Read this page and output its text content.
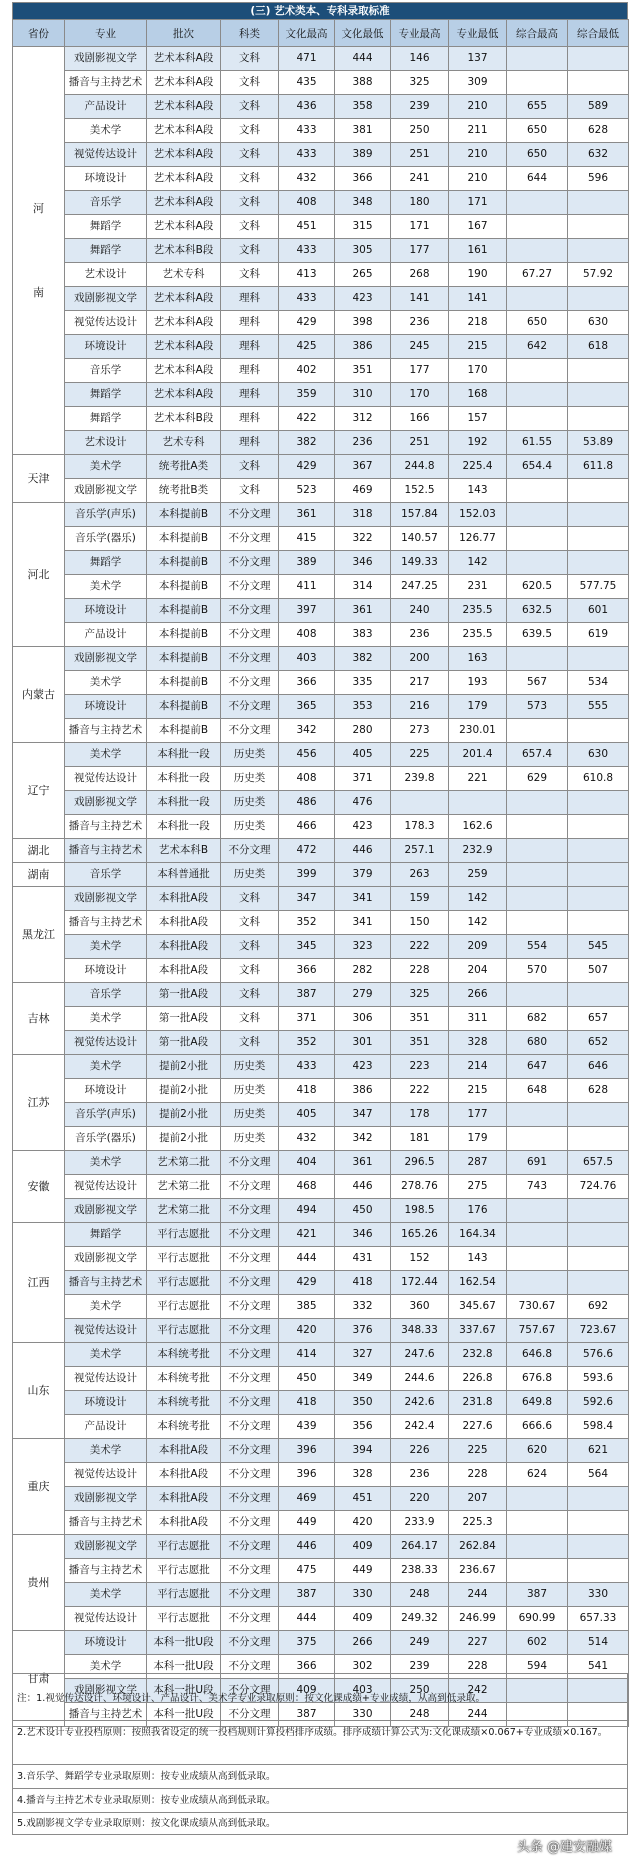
(三) 艺术类本、专科录取标准
省份	专业	批次	科类	文化最高	文化最低	专业最高	专业最低	综合最高	综合最低
河

南	戏剧影视文学	艺术本科A段	文科	471	444	146	137		
	播音与主持艺术	艺术本科A段	文科	435	388	325	309		
	产品设计	艺术本科A段	文科	436	358	239	210	655	589
	美术学	艺术本科A段	文科	433	381	250	211	650	628
	视觉传达设计	艺术本科A段	文科	433	389	251	210	650	632
	环境设计	艺术本科A段	文科	432	366	241	210	644	596
	音乐学	艺术本科A段	文科	408	348	180	171		
	舞蹈学	艺术本科A段	文科	451	315	171	167		
	舞蹈学	艺术本科B段	文科	433	305	177	161		
	艺术设计	艺术专科	文科	413	265	268	190	67.27	57.92
	戏剧影视文学	艺术本科A段	理科	433	423	141	141		
	视觉传达设计	艺术本科A段	理科	429	398	236	218	650	630
	环境设计	艺术本科A段	理科	425	386	245	215	642	618
	音乐学	艺术本科A段	理科	402	351	177	170		
	舞蹈学	艺术本科A段	理科	359	310	170	168		
	舞蹈学	艺术本科B段	理科	422	312	166	157		
	艺术设计	艺术专科	理科	382	236	251	192	61.55	53.89
天津	美术学	统考批A类	文科	429	367	244.8	225.4	654.4	611.8
	戏剧影视文学	统考批B类	文科	523	469	152.5	143		
河北	音乐学(声乐)	本科提前B	不分文理	361	318	157.84	152.03		
	音乐学(器乐)	本科提前B	不分文理	415	322	140.57	126.77		
	舞蹈学	本科提前B	不分文理	389	346	149.33	142		
	美术学	本科提前B	不分文理	411	314	247.25	231	620.5	577.75
	环境设计	本科提前B	不分文理	397	361	240	235.5	632.5	601
	产品设计	本科提前B	不分文理	408	383	236	235.5	639.5	619
内蒙古	戏剧影视文学	本科提前B	不分文理	403	382	200	163		
	美术学	本科提前B	不分文理	366	335	217	193	567	534
	环境设计	本科提前B	不分文理	365	353	216	179	573	555
	播音与主持艺术	本科提前B	不分文理	342	280	273	230.01		
辽宁	美术学	本科批一段	历史类	456	405	225	201.4	657.4	630
	视觉传达设计	本科批一段	历史类	408	371	239.8	221	629	610.8
	戏剧影视文学	本科批一段	历史类	486	476				
	播音与主持艺术	本科批一段	历史类	466	423	178.3	162.6		
湖北	播音与主持艺术	艺术本科B	不分文理	472	446	257.1	232.9		
湖南	音乐学	本科普通批	历史类	399	379	263	259		
黑龙江	戏剧影视文学	本科批A段	文科	347	341	159	142		
	播音与主持艺术	本科批A段	文科	352	341	150	142		
	美术学	本科批A段	文科	345	323	222	209	554	545
	环境设计	本科批A段	文科	366	282	228	204	570	507
吉林	音乐学	第一批A段	文科	387	279	325	266		
	美术学	第一批A段	文科	371	306	351	311	682	657
	视觉传达设计	第一批A段	文科	352	301	351	328	680	652
江苏	美术学	提前2小批	历史类	433	423	223	214	647	646
	环境设计	提前2小批	历史类	418	386	222	215	648	628
	音乐学(声乐)	提前2小批	历史类	405	347	178	177		
	音乐学(器乐)	提前2小批	历史类	432	342	181	179		
安徽	美术学	艺术第二批	不分文理	404	361	296.5	287	691	657.5
	视觉传达设计	艺术第二批	不分文理	468	446	278.76	275	743	724.76
	戏剧影视文学	艺术第二批	不分文理	494	450	198.5	176		
江西	舞蹈学	平行志愿批	不分文理	421	346	165.26	164.34		
	戏剧影视文学	平行志愿批	不分文理	444	431	152	143		
	播音与主持艺术	平行志愿批	不分文理	429	418	172.44	162.54		
	美术学	平行志愿批	不分文理	385	332	360	345.67	730.67	692
	视觉传达设计	平行志愿批	不分文理	420	376	348.33	337.67	757.67	723.67
山东	美术学	本科统考批	不分文理	414	327	247.6	232.8	646.8	576.6
	视觉传达设计	本科统考批	不分文理	450	349	244.6	226.8	676.8	593.6
	环境设计	本科统考批	不分文理	418	350	242.6	231.8	649.8	592.6
	产品设计	本科统考批	不分文理	439	356	242.4	227.6	666.6	598.4
重庆	美术学	本科批A段	不分文理	396	394	226	225	620	621
	视觉传达设计	本科批A段	不分文理	396	328	236	228	624	564
	戏剧影视文学	本科批A段	不分文理	469	451	220	207		
	播音与主持艺术	本科批A段	不分文理	449	420	233.9	225.3		
贵州	戏剧影视文学	平行志愿批	不分文理	446	409	264.17	262.84		
	播音与主持艺术	平行志愿批	不分文理	475	449	238.33	236.67		
	美术学	平行志愿批	不分文理	387	330	248	244	387	330
	视觉传达设计	平行志愿批	不分文理	444	409	249.32	246.99	690.99	657.33
甘肃	环境设计	本科一批U段	不分文理	375	266	249	227	602	514
	美术学	本科一批U段	不分文理	366	302	239	228	594	541
	戏剧影视文学	本科一批U段	不分文理	409	403	250	242		
	播音与主持艺术	本科一批U段	不分文理	387	330	248	244		
注：1.视觉传达设计、环境设计、产品设计、美术学专业录取原则：按文化课成绩+专业成绩，从高到低录取。
2.艺术设计专业投档原则：按照我省设定的统一投档规则计算投档排序成绩。排序成绩计算公式为:文化课成绩×0.067+专业成绩×0.167。
3.音乐学、舞蹈学专业录取原则：按专业成绩从高到低录取。
4.播音与主持艺术专业录取原则：按专业成绩从高到低录取。
5.戏剧影视文学专业录取原则：按文化课成绩从高到低录取。
头条 @建安融媒
